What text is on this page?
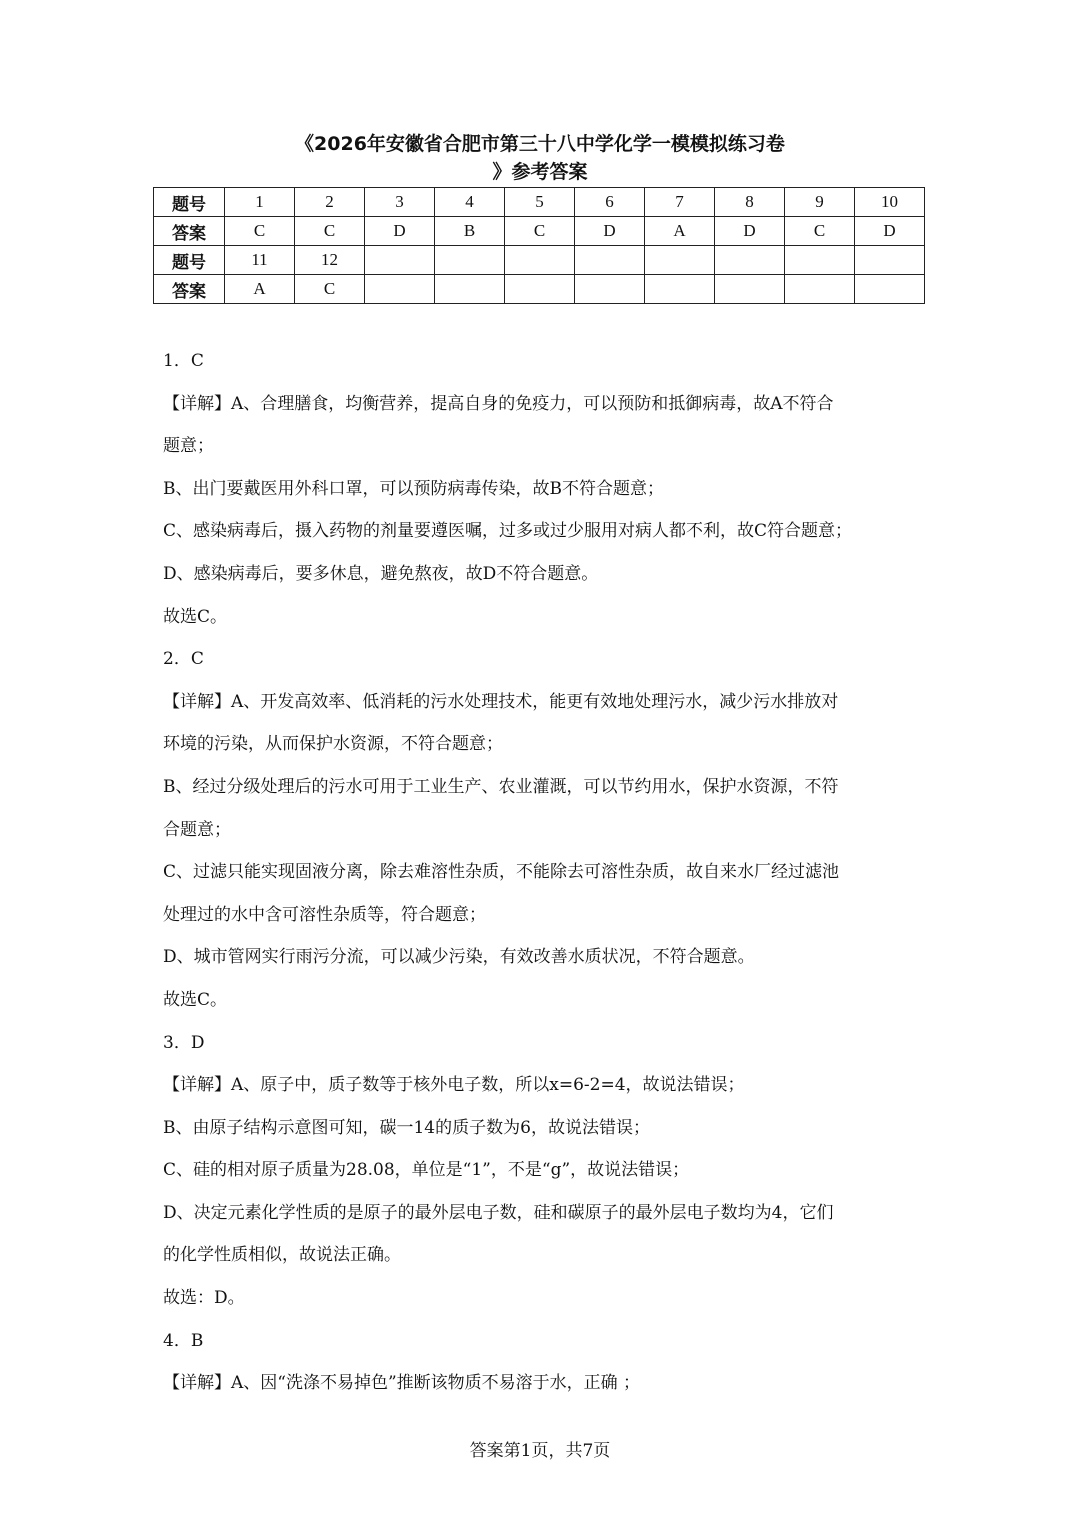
《2026年安徽省合肥市第三十八中学化学一模模拟练习卷
》参考答案
题号	1	2	3	4	5	6	7	8	9	10
答案	C	C	D	B	C	D	A	D	C	D
题号	11	12								
答案	A	C								

1．C

【详解】A、合理膳食，均衡营养，提高自身的免疫力，可以预防和抵御病毒，故A不符合

题意；

B、出门要戴医用外科口罩，可以预防病毒传染，故B不符合题意；

C、感染病毒后，摄入药物的剂量要遵医嘱，过多或过少服用对病人都不利，故C符合题意；

D、感染病毒后，要多休息，避免熬夜，故D不符合题意。

故选C。

2．C

【详解】A、开发高效率、低消耗的污水处理技术，能更有效地处理污水，减少污水排放对

环境的污染，从而保护水资源，不符合题意；

B、经过分级处理后的污水可用于工业生产、农业灌溉，可以节约用水，保护水资源，不符

合题意；

C、过滤只能实现固液分离，除去难溶性杂质，不能除去可溶性杂质，故自来水厂经过滤池

处理过的水中含可溶性杂质等，符合题意；

D、城市管网实行雨污分流，可以减少污染，有效改善水质状况，不符合题意。

故选C。

3．D

【详解】A、原子中，质子数等于核外电子数，所以x=6-2=4，故说法错误；

B、由原子结构示意图可知，碳一14的质子数为6，故说法错误；

C、硅的相对原子质量为28.08，单位是“1”，不是“g”，故说法错误；

D、决定元素化学性质的是原子的最外层电子数，硅和碳原子的最外层电子数均为4，它们

的化学性质相似，故说法正确。

故选：D。

4．B

【详解】A、因“洗涤不易掉色”推断该物质不易溶于水，正确 ；

答案第1页，共7页
